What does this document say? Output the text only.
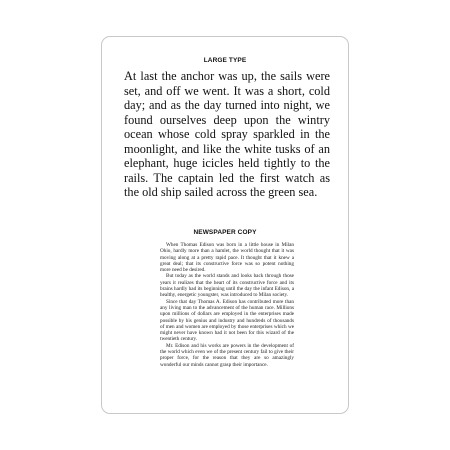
LARGE TYPE

At last the anchor was up, the sails were set, and off we went. It was a short, cold day; and as the day turned into night, we found ourselves deep upon the wintry ocean whose cold spray sparkled in the moonlight, and like the white tusks of an elephant, huge icicles held tightly to the rails. The captain led the first watch as the old ship sailed across the green sea.

NEWSPAPER COPY

When Thomas Edison was born in a little house in Milan Ohio, hardly more than a hamlet, the world thought that it was moving along at a pretty rapid pace. It thought that it knew a great deal; that its constructive force was so potent nothing more need be desired.

But today as the world stands and looks back through those years it realizes that the heart of its constructive force and its brains hardly had its beginning until the day the infant Edison, a healthy, energetic youngster, was introduced to Milan society.

Since that day Thomas A. Edison has contributed more than any living man to the advancement of the human race. Millions upon millions of dollars are employed in the enterprises made possible by his genius and industry and hundreds of thousands of men and women are employed by those enterprises which we might never have known had it not been for this wizard of the twentieth century.

Mr. Edison and his works are powers in the development of the world which even we of the present century fail to give their proper force, for the reason that they are so amazingly wonderful our minds cannot grasp their importance.
